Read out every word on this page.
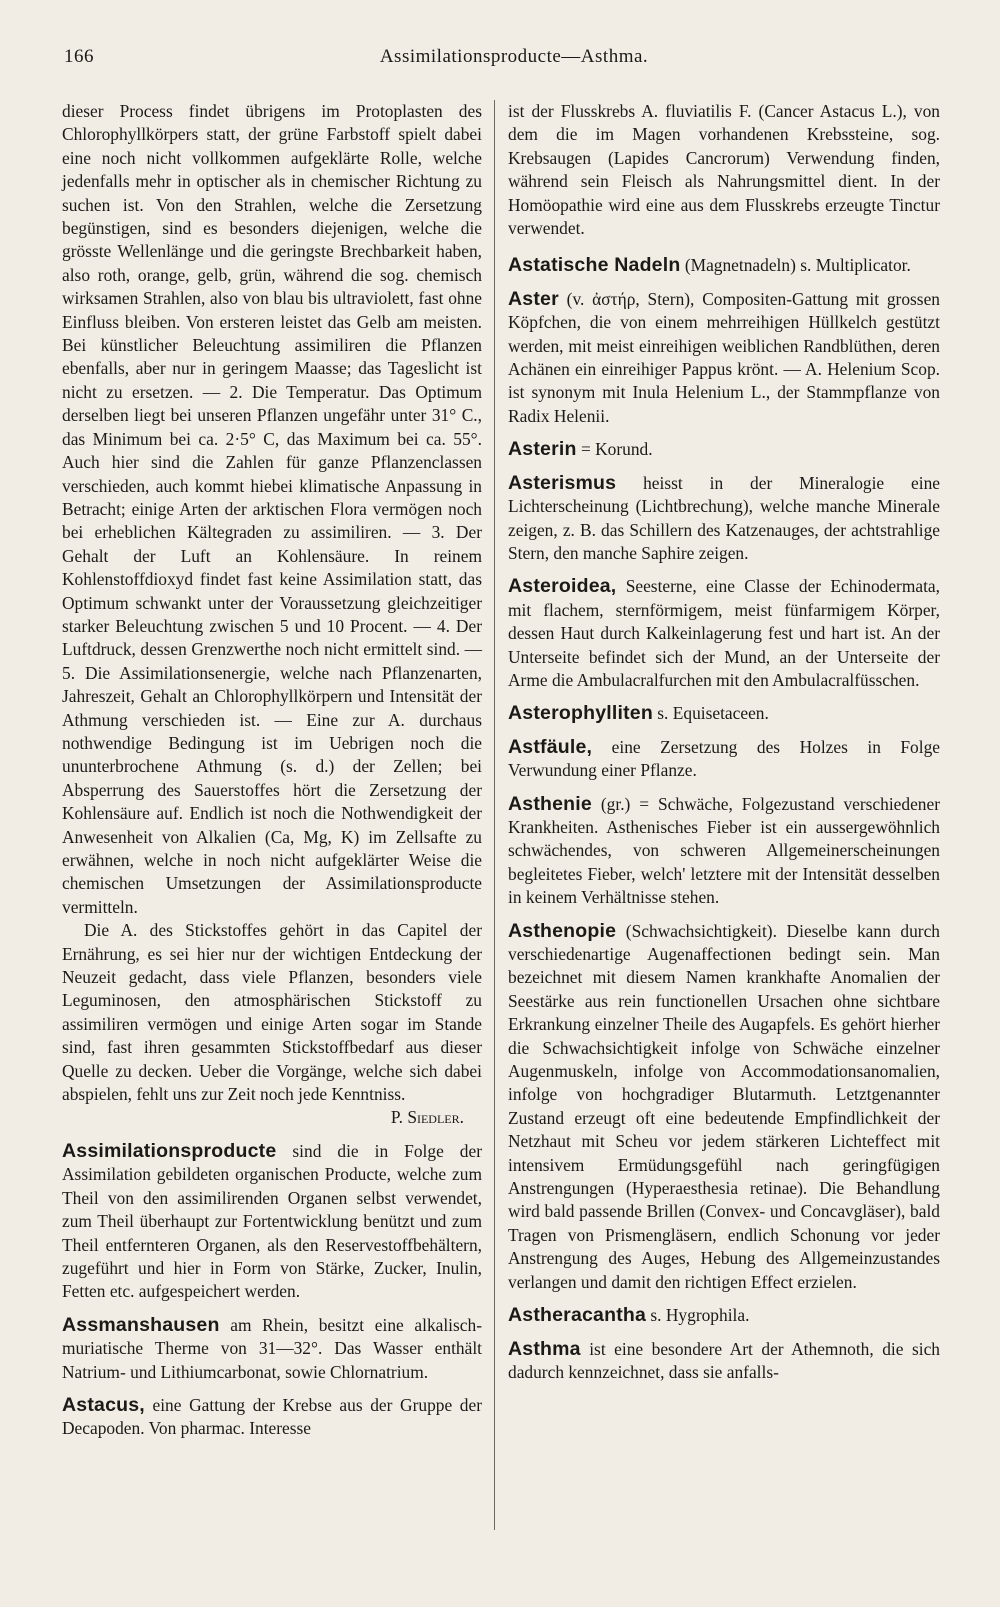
166	Assimilationsproducte—Asthma.

dieser Process findet übrigens im Protoplasten des Chlorophyllkörpers statt, der grüne Farbstoff spielt dabei eine noch nicht vollkommen aufgeklärte Rolle, welche jedenfalls mehr in optischer als in chemischer Richtung zu suchen ist. Von den Strahlen, welche die Zersetzung begünstigen, sind es besonders diejenigen, welche die grösste Wellenlänge und die geringste Brechbarkeit haben, also roth, orange, gelb, grün, während die sog. chemisch wirksamen Strahlen, also von blau bis ultraviolett, fast ohne Einfluss bleiben. Von ersteren leistet das Gelb am meisten. Bei künstlicher Beleuchtung assimiliren die Pflanzen ebenfalls, aber nur in geringem Maasse; das Tageslicht ist nicht zu ersetzen. — 2. Die Temperatur. Das Optimum derselben liegt bei unseren Pflanzen ungefähr unter 31° C., das Minimum bei ca. 2·5° C, das Maximum bei ca. 55°. Auch hier sind die Zahlen für ganze Pflanzenclassen verschieden, auch kommt hiebei klimatische Anpassung in Betracht; einige Arten der arktischen Flora vermögen noch bei erheblichen Kältegraden zu assimiliren. — 3. Der Gehalt der Luft an Kohlensäure. In reinem Kohlenstoffdioxyd findet fast keine Assimilation statt, das Optimum schwankt unter der Voraussetzung gleichzeitiger starker Beleuchtung zwischen 5 und 10 Procent. — 4. Der Luftdruck, dessen Grenzwerthe noch nicht ermittelt sind. — 5. Die Assimilationsenergie, welche nach Pflanzenarten, Jahreszeit, Gehalt an Chlorophyllkörpern und Intensität der Athmung verschieden ist. — Eine zur A. durchaus nothwendige Bedingung ist im Uebrigen noch die ununterbrochene Athmung (s. d.) der Zellen; bei Absperrung des Sauerstoffes hört die Zersetzung der Kohlensäure auf. Endlich ist noch die Nothwendigkeit der Anwesenheit von Alkalien (Ca, Mg, K) im Zellsafte zu erwähnen, welche in noch nicht aufgeklärter Weise die chemischen Umsetzungen der Assimilationsproducte vermitteln.

Die A. des Stickstoffes gehört in das Capitel der Ernährung, es sei hier nur der wichtigen Entdeckung der Neuzeit gedacht, dass viele Pflanzen, besonders viele Leguminosen, den atmosphärischen Stickstoff zu assimiliren vermögen und einige Arten sogar im Stande sind, fast ihren gesammten Stickstoffbedarf aus dieser Quelle zu decken. Ueber die Vorgänge, welche sich dabei abspielen, fehlt uns zur Zeit noch jede Kenntniss.

P. Siedler.

Assimilationsproducte sind die in Folge der Assimilation gebildeten organischen Producte, welche zum Theil von den assimilirenden Organen selbst verwendet, zum Theil überhaupt zur Fortentwicklung benützt und zum Theil entfernteren Organen, als den Reservestoffbehältern, zugeführt und hier in Form von Stärke, Zucker, Inulin, Fetten etc. aufgespeichert werden.

Assmanshausen am Rhein, besitzt eine alkalisch-muriatische Therme von 31—32°. Das Wasser enthält Natrium- und Lithiumcarbonat, sowie Chlornatrium.

Astacus, eine Gattung der Krebse aus der Gruppe der Decapoden. Von pharmac. Interesse

ist der Flusskrebs A. fluviatilis F. (Cancer Astacus L.), von dem die im Magen vorhandenen Krebssteine, sog. Krebsaugen (Lapides Cancrorum) Verwendung finden, während sein Fleisch als Nahrungsmittel dient. In der Homöopathie wird eine aus dem Flusskrebs erzeugte Tinctur verwendet.

Astatische Nadeln (Magnetnadeln) s. Multiplicator.

Aster (v. ἀστήρ, Stern), Compositen-Gattung mit grossen Köpfchen, die von einem mehrreihigen Hüllkelch gestützt werden, mit meist einreihigen weiblichen Randblüthen, deren Achänen ein einreihiger Pappus krönt. — A. Helenium Scop. ist synonym mit Inula Helenium L., der Stammpflanze von Radix Helenii.

Asterin = Korund.

Asterismus heisst in der Mineralogie eine Lichterscheinung (Lichtbrechung), welche manche Minerale zeigen, z. B. das Schillern des Katzenauges, der achtstrahlige Stern, den manche Saphire zeigen.

Asteroidea, Seesterne, eine Classe der Echinodermata, mit flachem, sternförmigem, meist fünfarmigem Körper, dessen Haut durch Kalkeinlagerung fest und hart ist. An der Unterseite befindet sich der Mund, an der Unterseite der Arme die Ambulacralfurchen mit den Ambulacralfüsschen.

Asterophylliten s. Equisetaceen.

Astfäule, eine Zersetzung des Holzes in Folge Verwundung einer Pflanze.

Asthenie (gr.) = Schwäche, Folgezustand verschiedener Krankheiten. Asthenisches Fieber ist ein aussergewöhnlich schwächendes, von schweren Allgemeinerscheinungen begleitetes Fieber, welch' letztere mit der Intensität desselben in keinem Verhältnisse stehen.

Asthenopie (Schwachsichtigkeit). Dieselbe kann durch verschiedenartige Augenaffectionen bedingt sein. Man bezeichnet mit diesem Namen krankhafte Anomalien der Seestärke aus rein functionellen Ursachen ohne sichtbare Erkrankung einzelner Theile des Augapfels. Es gehört hierher die Schwachsichtigkeit infolge von Schwäche einzelner Augenmuskeln, infolge von Accommodationsanomalien, infolge von hochgradiger Blutarmuth. Letztgenannter Zustand erzeugt oft eine bedeutende Empfindlichkeit der Netzhaut mit Scheu vor jedem stärkeren Lichteffect mit intensivem Ermüdungsgefühl nach geringfügigen Anstrengungen (Hyperaesthesia retinae). Die Behandlung wird bald passende Brillen (Convex- und Concavgläser), bald Tragen von Prismengläsern, endlich Schonung vor jeder Anstrengung des Auges, Hebung des Allgemeinzustandes verlangen und damit den richtigen Effect erzielen.

Astheracantha s. Hygrophila.

Asthma ist eine besondere Art der Athemnoth, die sich dadurch kennzeichnet, dass sie anfalls-
